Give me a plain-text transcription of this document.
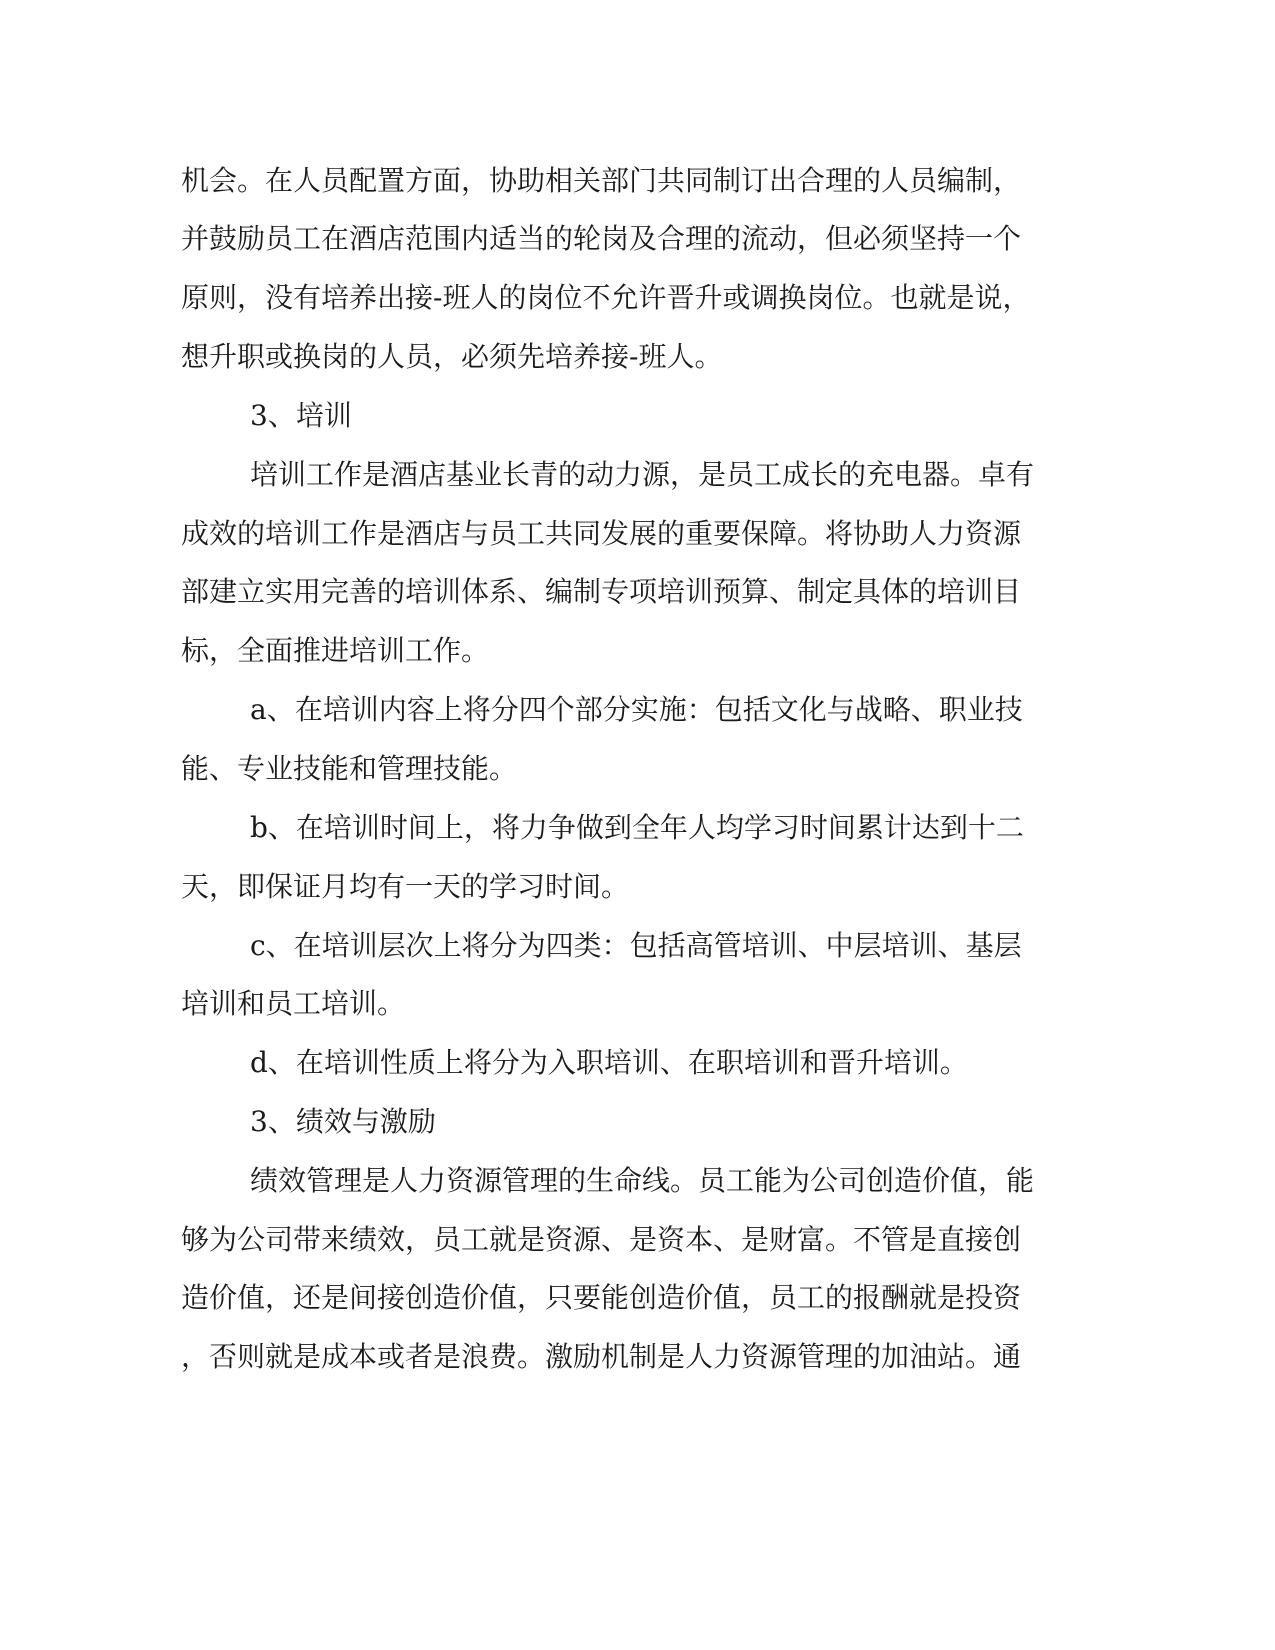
机会。在人员配置方面，协助相关部门共同制订出合理的人员编制，
并鼓励员工在酒店范围内适当的轮岗及合理的流动，但必须坚持一个
原则，没有培养出接-班人的岗位不允许晋升或调换岗位。也就是说，
想升职或换岗的人员，必须先培养接-班人。
3、培训
培训工作是酒店基业长青的动力源，是员工成长的充电器。卓有
成效的培训工作是酒店与员工共同发展的重要保障。将协助人力资源
部建立实用完善的培训体系、编制专项培训预算、制定具体的培训目
标，全面推进培训工作。
a、在培训内容上将分四个部分实施：包括文化与战略、职业技
能、专业技能和管理技能。
b、在培训时间上，将力争做到全年人均学习时间累计达到十二
天，即保证月均有一天的学习时间。
c、在培训层次上将分为四类：包括高管培训、中层培训、基层
培训和员工培训。
d、在培训性质上将分为入职培训、在职培训和晋升培训。
3、绩效与激励
绩效管理是人力资源管理的生命线。员工能为公司创造价值，能
够为公司带来绩效，员工就是资源、是资本、是财富。不管是直接创
造价值，还是间接创造价值，只要能创造价值，员工的报酬就是投资
，否则就是成本或者是浪费。激励机制是人力资源管理的加油站。通
